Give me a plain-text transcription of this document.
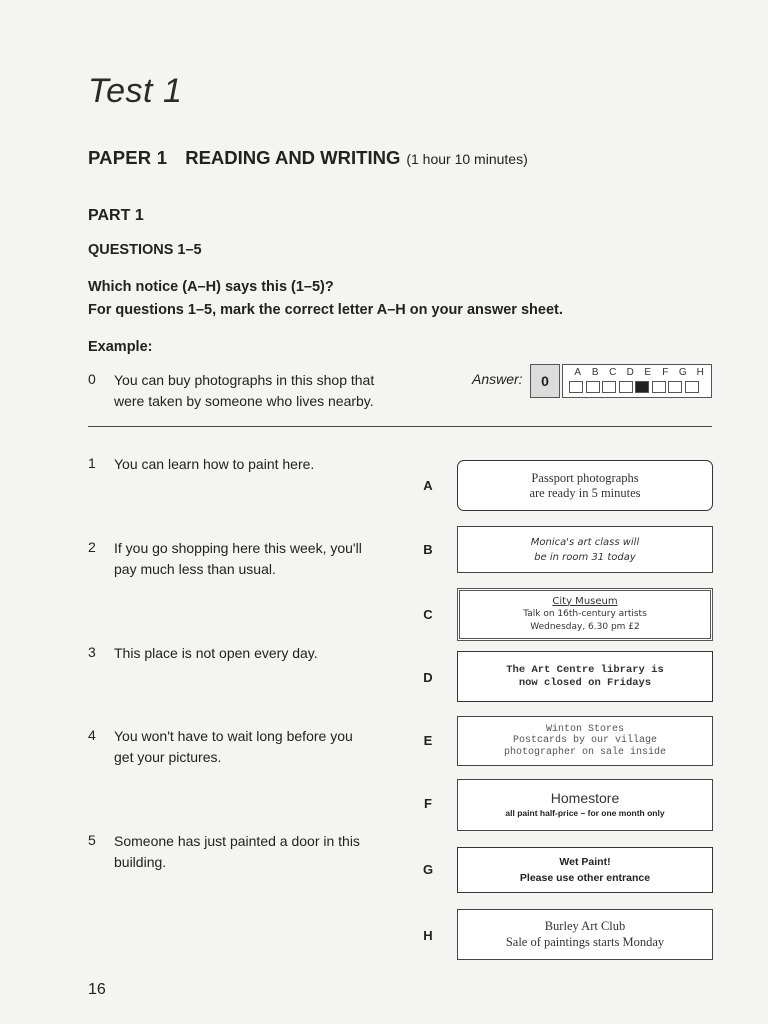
Test 1
PAPER 1 READING AND WRITING (1 hour 10 minutes)
PART 1
QUESTIONS 1–5
Which notice (A–H) says this (1–5)?
For questions 1–5, mark the correct letter A–H on your answer sheet.
Example:
0	You can buy photographs in this shop that
were taken by someone who lives nearby.
Answer:	0
A	B	C	D	E	F	G H
1	You can learn how to paint here.
2	If you go shopping here this week, you'll
pay much less than usual.
3	This place is not open every day.
4	You won't have to wait long before you
get your pictures.
5	Someone has just painted a door in this
building.
A
B
C
D
E
F
G
H
Passport photographs
are ready in 5 minutes
Monica's art class will
be in room 31 today
City Museum
Talk on 16th-century artists
Wednesday, 6.30 pm £2
The Art Centre library is
now closed on Fridays
Winton Stores
Postcards by our village
photographer on sale inside
Homestore
all paint half-price – for one month only
Wet Paint!
Please use other entrance
Burley Art Club
Sale of paintings starts Monday
16
